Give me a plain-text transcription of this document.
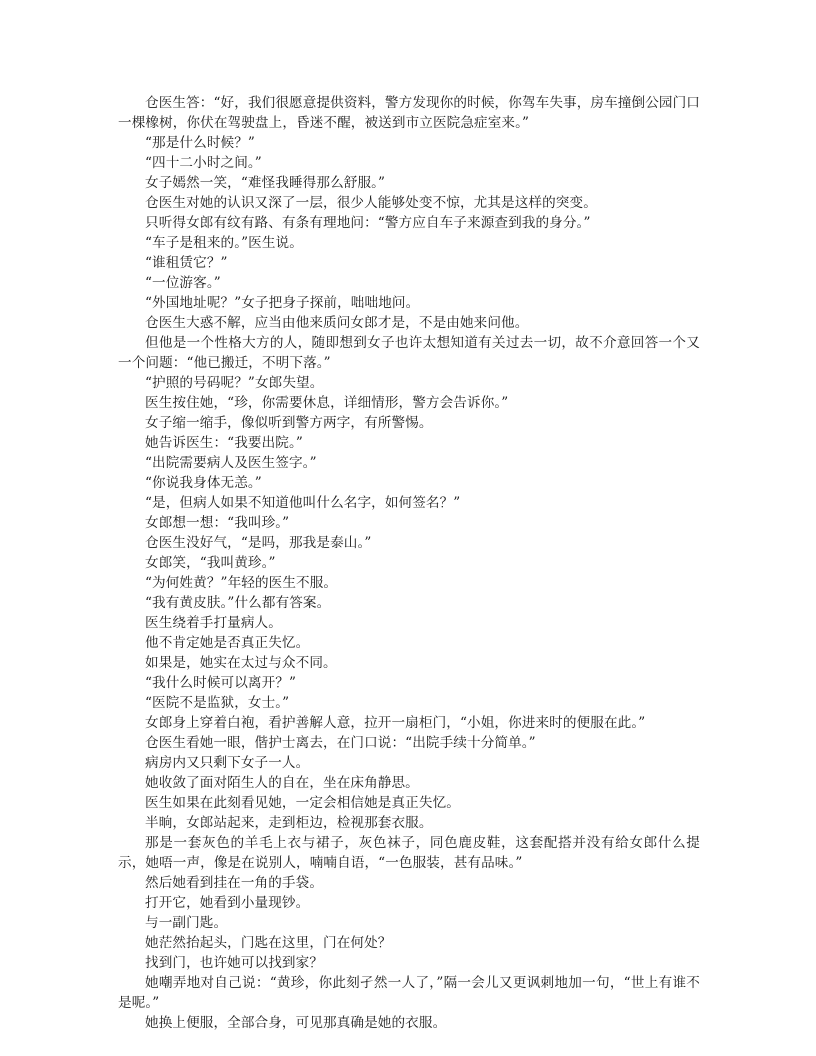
仓医生答：“好，我们很愿意提供资料，警方发现你的时候，你驾车失事，房车撞倒公园门口一棵橡树，你伏在驾驶盘上，昏迷不醒，被送到市立医院急症室来。”

“那是什么时候？”

“四十二小时之间。”

女子嫣然一笑，“难怪我睡得那么舒服。”

仓医生对她的认识又深了一层，很少人能够处变不惊，尤其是这样的突变。

只听得女郎有纹有路、有条有理地问：“警方应自车子来源查到我的身分。”

“车子是租来的。”医生说。

“谁租赁它？”

“一位游客。”

“外国地址呢？”女子把身子探前，咄咄地问。

仓医生大惑不解，应当由他来质问女郎才是，不是由她来问他。

但他是一个性格大方的人，随即想到女子也许太想知道有关过去一切，故不介意回答一个又一个问题：“他已搬迁，不明下落。”

“护照的号码呢？”女郎失望。

医生按住她，“珍，你需要休息，详细情形，警方会告诉你。”

女子缩一缩手，像似听到警方两字，有所警惕。

她告诉医生：“我要出院。”

“出院需要病人及医生签字。”

“你说我身体无恙。”

“是，但病人如果不知道他叫什么名字，如何签名？”

女郎想一想：“我叫珍。”

仓医生没好气，“是吗，那我是泰山。”

女郎笑，“我叫黄珍。”

“为何姓黄？”年轻的医生不服。

“我有黄皮肤。”什么都有答案。

医生绕着手打量病人。

他不肯定她是否真正失忆。

如果是，她实在太过与众不同。

“我什么时候可以离开？”

“医院不是监狱，女士。”

女郎身上穿着白袍，看护善解人意，拉开一扇柜门，“小姐，你进来时的便服在此。”

仓医生看她一眼，偕护士离去，在门口说：“出院手续十分简单。”

病房内又只剩下女子一人。

她收敛了面对陌生人的自在，坐在床角静思。

医生如果在此刻看见她，一定会相信她是真正失忆。

半晌，女郎站起来，走到柜边，检视那套衣服。

那是一套灰色的羊毛上衣与裙子，灰色袜子，同色鹿皮鞋，这套配搭并没有给女郎什么提示，她唔一声，像是在说别人，喃喃自语，“一色服装，甚有品味。”

然后她看到挂在一角的手袋。

打开它，她看到小量现钞。

与一副门匙。

她茫然抬起头，门匙在这里，门在何处？

找到门，也许她可以找到家？

她嘲弄地对自己说：“黄珍，你此刻孑然一人了，”隔一会儿又更讽刺地加一句，“世上有谁不是呢。”

她换上便服，全部合身，可见那真确是她的衣服。
